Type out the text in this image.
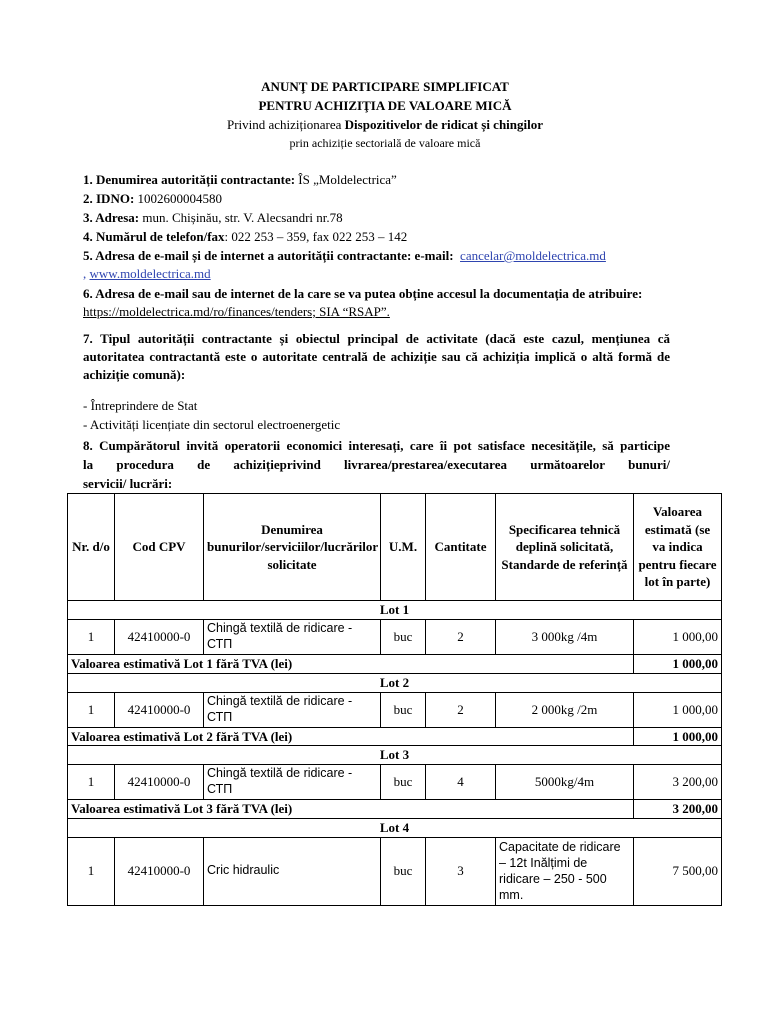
ANUNŢ DE PARTICIPARE SIMPLIFICAT
PENTRU ACHIZIŢIA DE VALOARE MICĂ
Privind achiziționarea Dispozitivelor de ridicat și chingilor
prin achiziție sectorială de valoare mică
1. Denumirea autorității contractante: ÎS „Moldelectrica”
2. IDNO: 1002600004580
3. Adresa: mun. Chișinău, str. V. Alecsandri nr.78
4. Numărul de telefon/fax: 022 253 – 359, fax 022 253 – 142
5. Adresa de e-mail și de internet a autorității contractante: e-mail: cancelar@moldelectrica.md
, www.moldelectrica.md
6. Adresa de e-mail sau de internet de la care se va putea obține accesul la documentația de atribuire:
https://moldelectrica.md/ro/finances/tenders; SIA “RSAP”.
7. Tipul autorității contractante și obiectul principal de activitate (dacă este cazul, mențiunea că autoritatea contractantă este o autoritate centrală de achiziție sau că achiziția implică o altă formă de achiziție comună):
- Întreprindere de Stat
- Activități licențiate din sectorul electroenergetic
8. Cumpărătorul invită operatorii economici interesați, care îi pot satisface necesitățile, să participe
la procedura de achizițieprivind livrarea/prestarea/executarea următoarelor bunuri/
servicii/ lucrări:
Nr. d/o	Cod CPV	Denumirea bunurilor/serviciilor/lucrărilor solicitate	U.M.	Cantitate	Specificarea tehnică deplină solicitată, Standarde de referință	Valoarea estimată (se va indica pentru fiecare lot în parte)
Lot 1						
1	42410000-0	Chingă textilă de ridicare - СТП	buc	2	3 000kg /4m	1 000,00
Valoarea estimativă Lot 1 fără TVA (lei)						1 000,00
Lot 2						
1	42410000-0	Chingă textilă de ridicare - СТП	buc	2	2 000kg /2m	1 000,00
Valoarea estimativă Lot 2 fără TVA (lei)						1 000,00
Lot 3						
1	42410000-0	Chingă textilă de ridicare - СТП	buc	4	5000kg/4m	3 200,00
Valoarea estimativă Lot 3 fără TVA (lei)						3 200,00
Lot 4						
1	42410000-0	Cric hidraulic	buc	3	Capacitate de ridicare – 12t Inălțimi de ridicare – 250 - 500 mm.	7 500,00
